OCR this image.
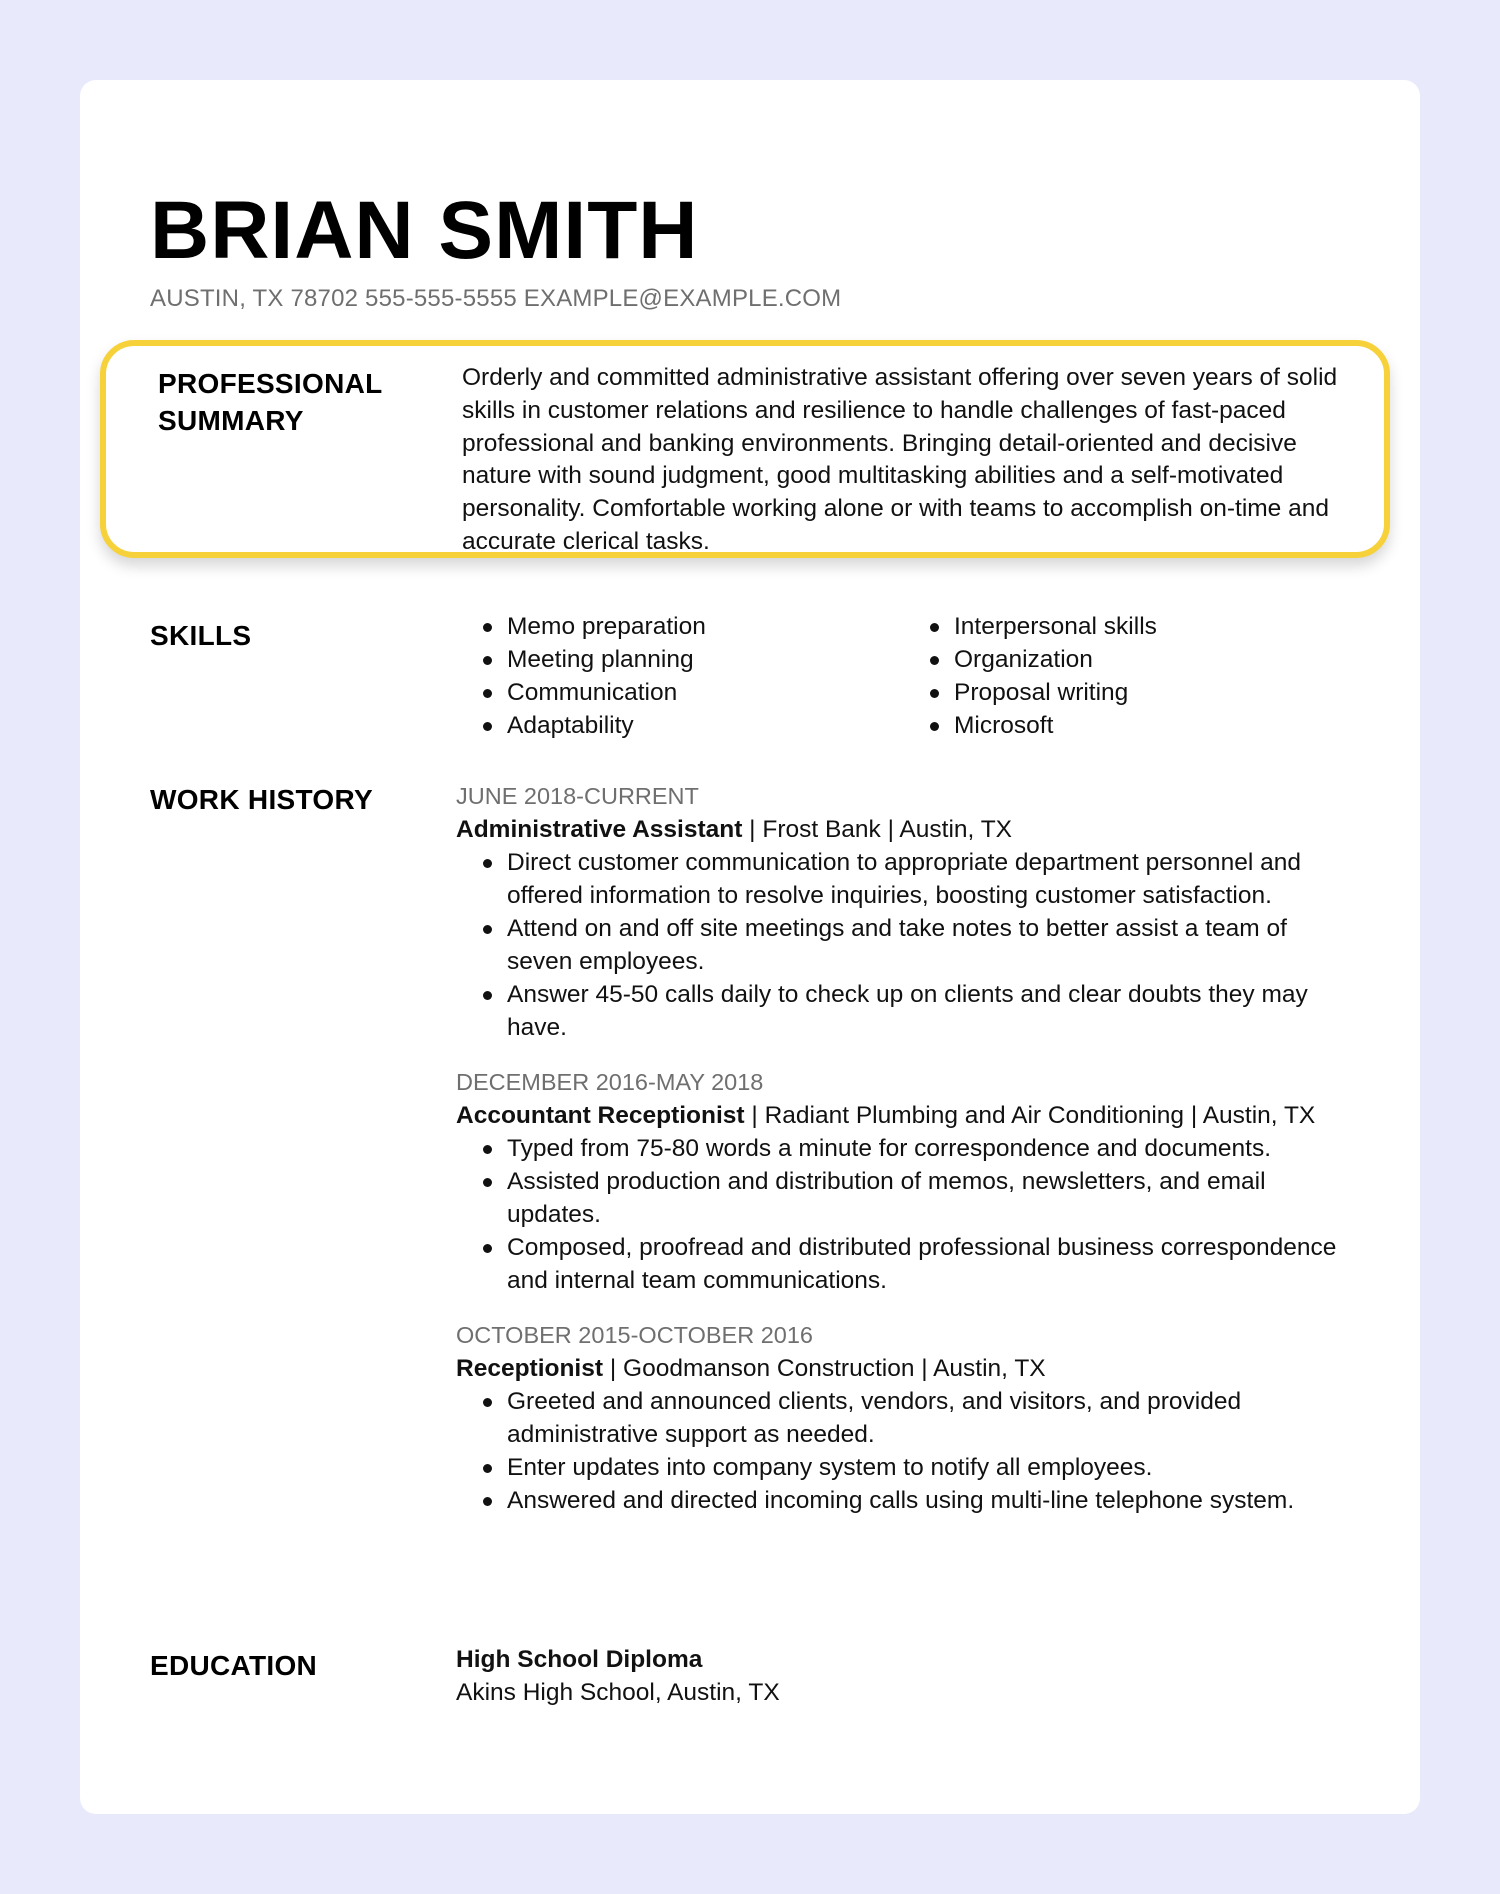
BRIAN SMITH
AUSTIN, TX 78702 555-555-5555 EXAMPLE@EXAMPLE.COM
PROFESSIONAL SUMMARY
Orderly and committed administrative assistant offering over seven years of solid skills in customer relations and resilience to handle challenges of fast-paced professional and banking environments. Bringing detail-oriented and decisive nature with sound judgment, good multitasking abilities and a self-motivated personality. Comfortable working alone or with teams to accomplish on-time and accurate clerical tasks.
SKILLS	Memo preparation
Meeting planning
Communication
Adaptability
Interpersonal skills
Organization
Proposal writing
Microsoft
WORK HISTORY	JUNE 2018-CURRENT
Administrative Assistant | Frost Bank | Austin, TX
Direct customer communication to appropriate department personnel and offered information to resolve inquiries, boosting customer satisfaction.
Attend on and off site meetings and take notes to better assist a team of seven employees.
Answer 45-50 calls daily to check up on clients and clear doubts they may have.
DECEMBER 2016-MAY 2018
Accountant Receptionist | Radiant Plumbing and Air Conditioning | Austin, TX
Typed from 75-80 words a minute for correspondence and documents.
Assisted production and distribution of memos, newsletters, and email updates.
Composed, proofread and distributed professional business correspondence and internal team communications.
OCTOBER 2015-OCTOBER 2016
Receptionist | Goodmanson Construction | Austin, TX
Greeted and announced clients, vendors, and visitors, and provided administrative support as needed.
Enter updates into company system to notify all employees.
Answered and directed incoming calls using multi-line telephone system.
EDUCATION	High School Diploma
Akins High School, Austin, TX
